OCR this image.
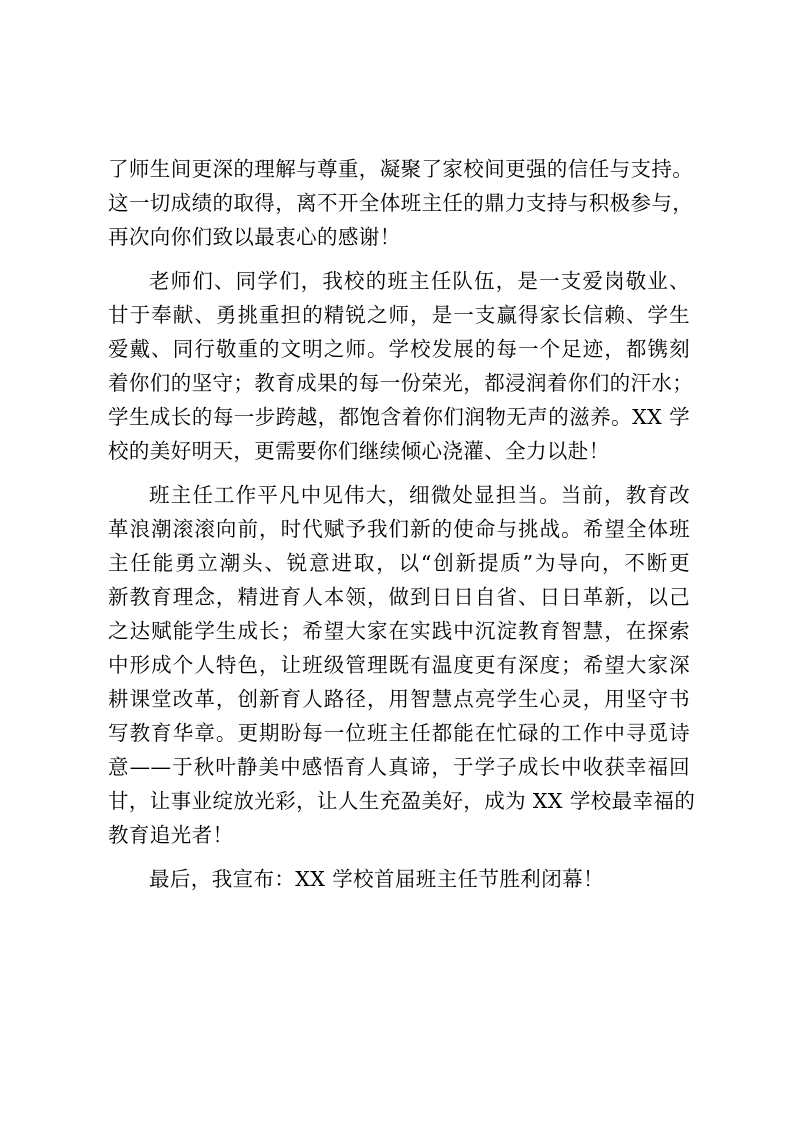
了师生间更深的理解与尊重，凝聚了家校间更强的信任与支持。
这一切成绩的取得，离不开全体班主任的鼎力支持与积极参与，
再次向你们致以最衷心的感谢！

老师们、同学们，我校的班主任队伍，是一支爱岗敬业、
甘于奉献、勇挑重担的精锐之师，是一支赢得家长信赖、学生
爱戴、同行敬重的文明之师。学校发展的每一个足迹，都镌刻
着你们的坚守；教育成果的每一份荣光，都浸润着你们的汗水；
学生成长的每一步跨越，都饱含着你们润物无声的滋养。XX 学
校的美好明天，更需要你们继续倾心浇灌、全力以赴！

班主任工作平凡中见伟大，细微处显担当。当前，教育改
革浪潮滚滚向前，时代赋予我们新的使命与挑战。希望全体班
主任能勇立潮头、锐意进取，以“创新提质”为导向，不断更
新教育理念，精进育人本领，做到日日自省、日日革新，以己
之达赋能学生成长；希望大家在实践中沉淀教育智慧，在探索
中形成个人特色，让班级管理既有温度更有深度；希望大家深
耕课堂改革，创新育人路径，用智慧点亮学生心灵，用坚守书
写教育华章。更期盼每一位班主任都能在忙碌的工作中寻觅诗
意——于秋叶静美中感悟育人真谛，于学子成长中收获幸福回
甘，让事业绽放光彩，让人生充盈美好，成为 XX 学校最幸福的
教育追光者！

最后，我宣布：XX 学校首届班主任节胜利闭幕！
